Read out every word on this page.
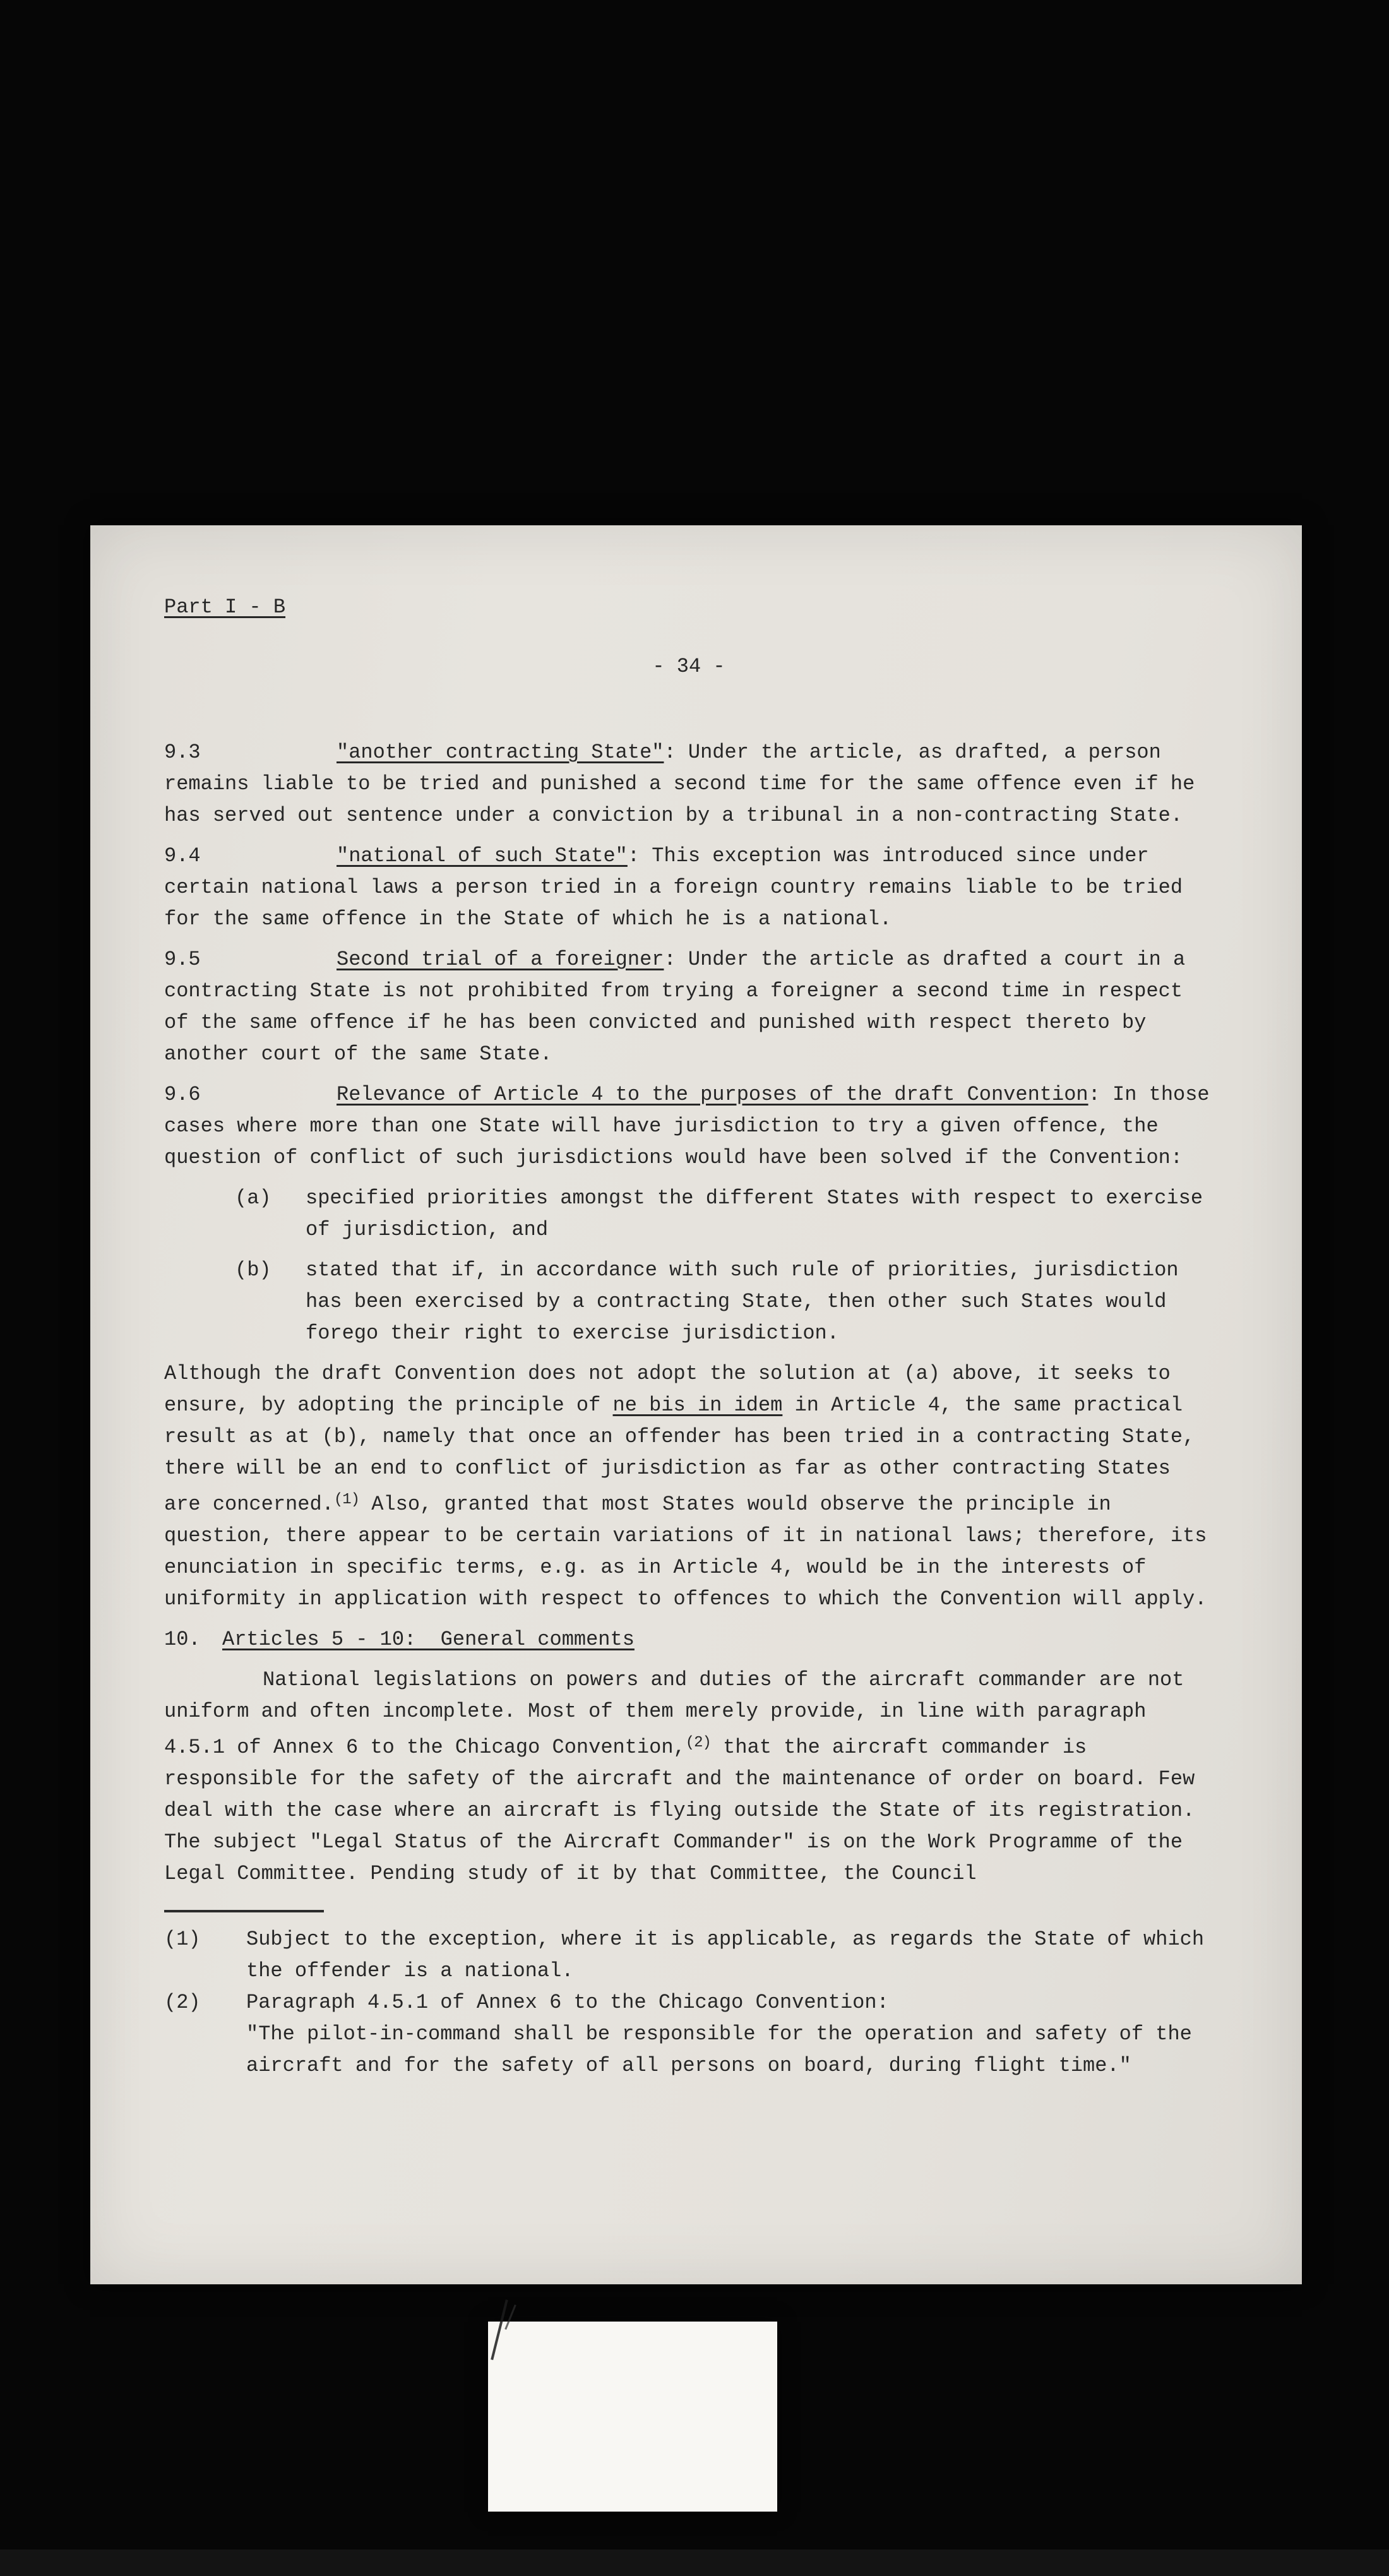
Part I - B
- 34 -

9.3	"another contracting State": Under the article, as drafted, a person remains liable to be tried and punished a second time for the same offence even if he has served out sentence under a conviction by a tribunal in a non-contracting State.

9.4	"national of such State": This exception was introduced since under certain national laws a person tried in a foreign country remains liable to be tried for the same offence in the State of which he is a national.

9.5	Second trial of a foreigner: Under the article as drafted a court in a contracting State is not prohibited from trying a foreigner a second time in respect of the same offence if he has been convicted and punished with respect thereto by another court of the same State.

9.6	Relevance of Article 4 to the purposes of the draft Convention: In those cases where more than one State will have jurisdiction to try a given offence, the question of conflict of such jurisdictions would have been solved if the Convention:

(a) specified priorities amongst the different States with respect to exercise of jurisdiction, and

(b) stated that if, in accordance with such rule of priorities, jurisdiction has been exercised by a contracting State, then other such States would forego their right to exercise jurisdiction.

Although the draft Convention does not adopt the solution at (a) above, it seeks to ensure, by adopting the principle of ne bis in idem in Article 4, the same practical result as at (b), namely that once an offender has been tried in a contracting State, there will be an end to conflict of jurisdiction as far as other contracting States are concerned.$^{(1)}$ Also, granted that most States would observe the principle in question, there appear to be certain variations of it in national laws; therefore, its enunciation in specific terms, e.g. as in Article 4, would be in the interests of uniformity in application with respect to offences to which the Convention will apply.

10. Articles 5 - 10:  General comments

National legislations on powers and duties of the aircraft commander are not uniform and often incomplete. Most of them merely provide, in line with paragraph 4.5.1 of Annex 6 to the Chicago Convention,$^{(2)}$ that the aircraft commander is responsible for the safety of the aircraft and the maintenance of order on board. Few deal with the case where an aircraft is flying outside the State of its registration. The subject "Legal Status of the Aircraft Commander" is on the Work Programme of the Legal Committee. Pending study of it by that Committee, the Council

(1) Subject to the exception, where it is applicable, as regards the State of which the offender is a national.

(2) Paragraph 4.5.1 of Annex 6 to the Chicago Convention:
"The pilot-in-command shall be responsible for the operation and safety of the aircraft and for the safety of all persons on board, during flight time."
